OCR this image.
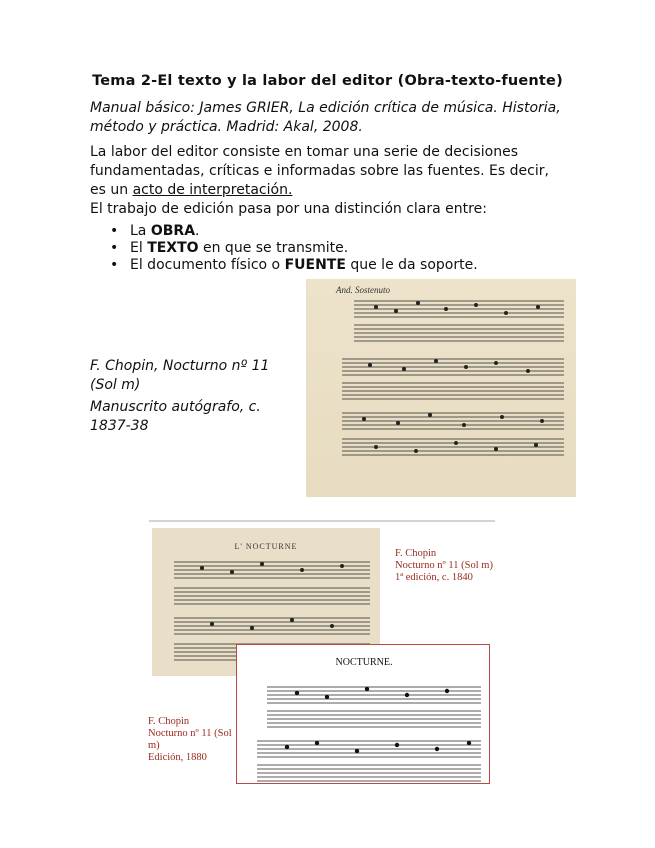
Tema 2-El texto y la labor del editor (Obra-texto-fuente)
Manual básico: James GRIER, La edición crítica de música. Historia, método y práctica. Madrid: Akal, 2008.
La labor del editor consiste en tomar una serie de decisiones fundamentadas, críticas e informadas sobre las fuentes. Es decir, es un acto de interpretación.
El trabajo de edición pasa por una distinción clara entre:
• La OBRA.
• El TEXTO en que se transmite.
• El documento físico o FUENTE que le da soporte.
F. Chopin, Nocturno nº 11 (Sol m)
Manuscrito autógrafo, c. 1837-38
And. Sostenuto
L' NOCTURNE
F. Chopin
Nocturno nº 11 (Sol m)
1ª edición, c. 1840
NOCTURNE.
F. Chopin
Nocturno nº 11 (Sol m)
Edición, 1880
